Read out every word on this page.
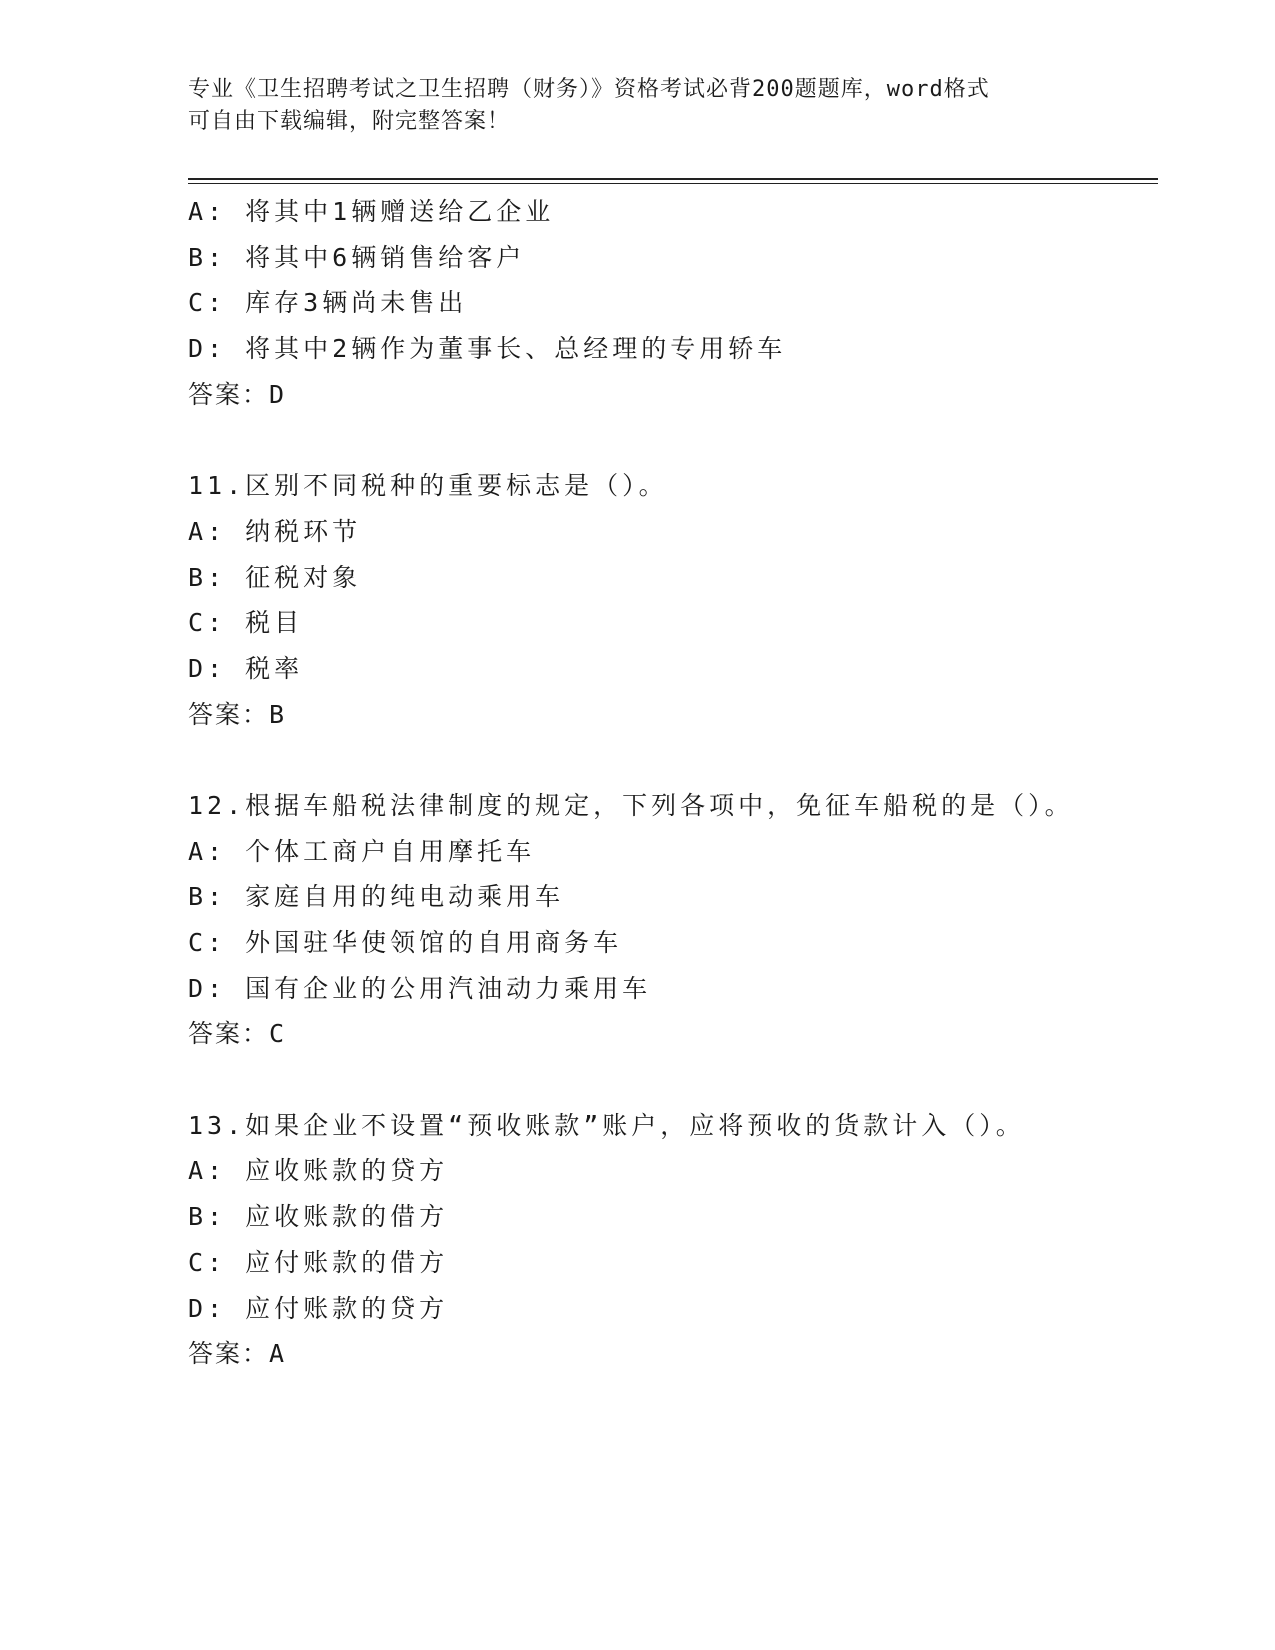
专业《卫生招聘考试之卫生招聘（财务）》资格考试必背200题题库，word格式
可自由下载编辑，附完整答案！
A: 将其中1辆赠送给乙企业
B: 将其中6辆销售给客户
C: 库存3辆尚未售出
D: 将其中2辆作为董事长、总经理的专用轿车
答案：D
11.区别不同税种的重要标志是（）。
A: 纳税环节
B: 征税对象
C: 税目
D: 税率
答案：B
12.根据车船税法律制度的规定，下列各项中，免征车船税的是（）。
A: 个体工商户自用摩托车
B: 家庭自用的纯电动乘用车
C: 外国驻华使领馆的自用商务车
D: 国有企业的公用汽油动力乘用车
答案：C
13.如果企业不设置“预收账款”账户，应将预收的货款计入（）。
A: 应收账款的贷方
B: 应收账款的借方
C: 应付账款的借方
D: 应付账款的贷方
答案：A
